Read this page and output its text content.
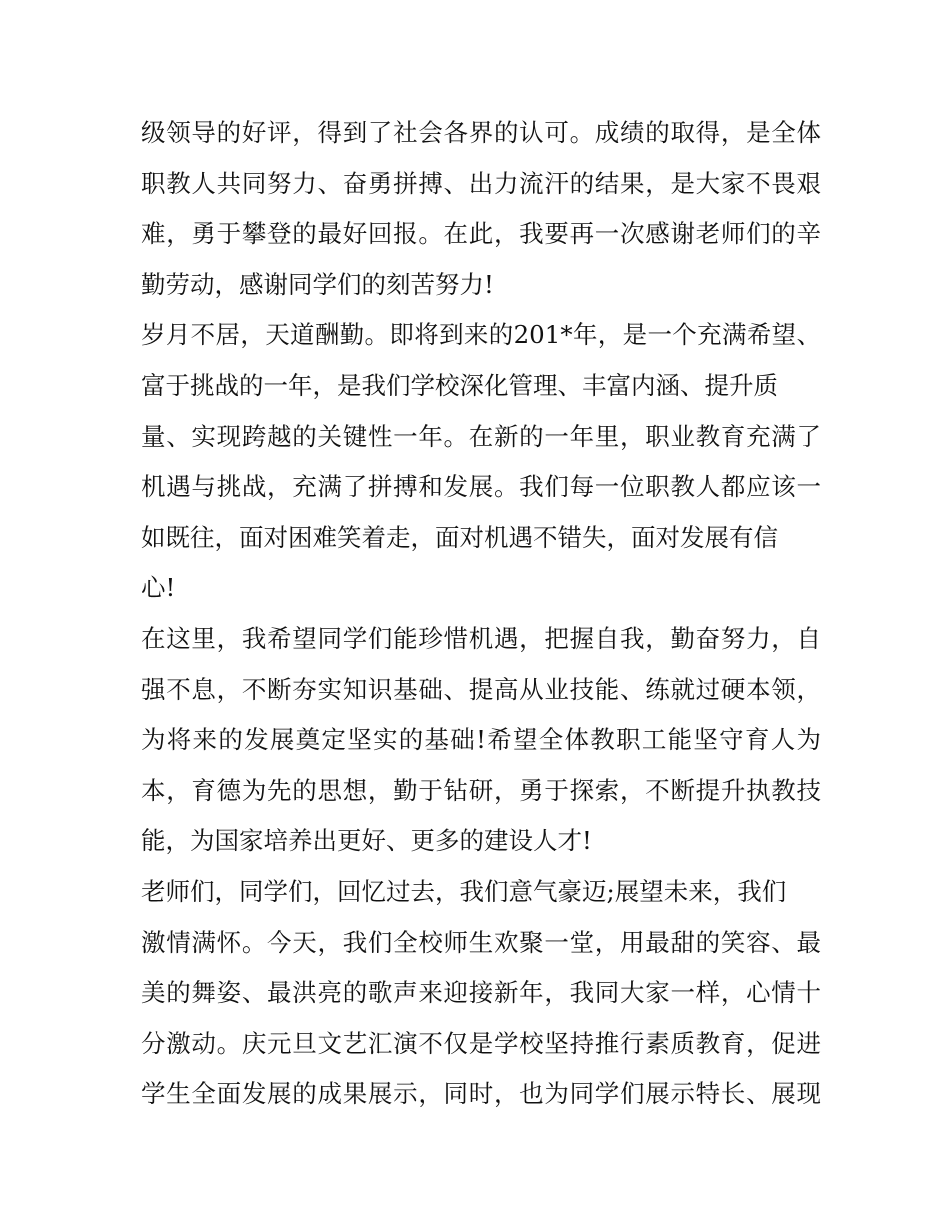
级领导的好评，得到了社会各界的认可。成绩的取得，是全体
职教人共同努力、奋勇拼搏、出力流汗的结果，是大家不畏艰
难，勇于攀登的最好回报。在此，我要再一次感谢老师们的辛
勤劳动，感谢同学们的刻苦努力!
岁月不居，天道酬勤。即将到来的201*年，是一个充满希望、
富于挑战的一年，是我们学校深化管理、丰富内涵、提升质
量、实现跨越的关键性一年。在新的一年里，职业教育充满了
机遇与挑战，充满了拼搏和发展。我们每一位职教人都应该一
如既往，面对困难笑着走，面对机遇不错失，面对发展有信
心!
在这里，我希望同学们能珍惜机遇，把握自我，勤奋努力，自
强不息，不断夯实知识基础、提高从业技能、练就过硬本领，
为将来的发展奠定坚实的基础!希望全体教职工能坚守育人为
本，育德为先的思想，勤于钻研，勇于探索，不断提升执教技
能，为国家培养出更好、更多的建设人才!
老师们，同学们，回忆过去，我们意气豪迈;展望未来，我们
激情满怀。今天，我们全校师生欢聚一堂，用最甜的笑容、最
美的舞姿、最洪亮的歌声来迎接新年，我同大家一样，心情十
分激动。庆元旦文艺汇演不仅是学校坚持推行素质教育，促进
学生全面发展的成果展示，同时，也为同学们展示特长、展现
